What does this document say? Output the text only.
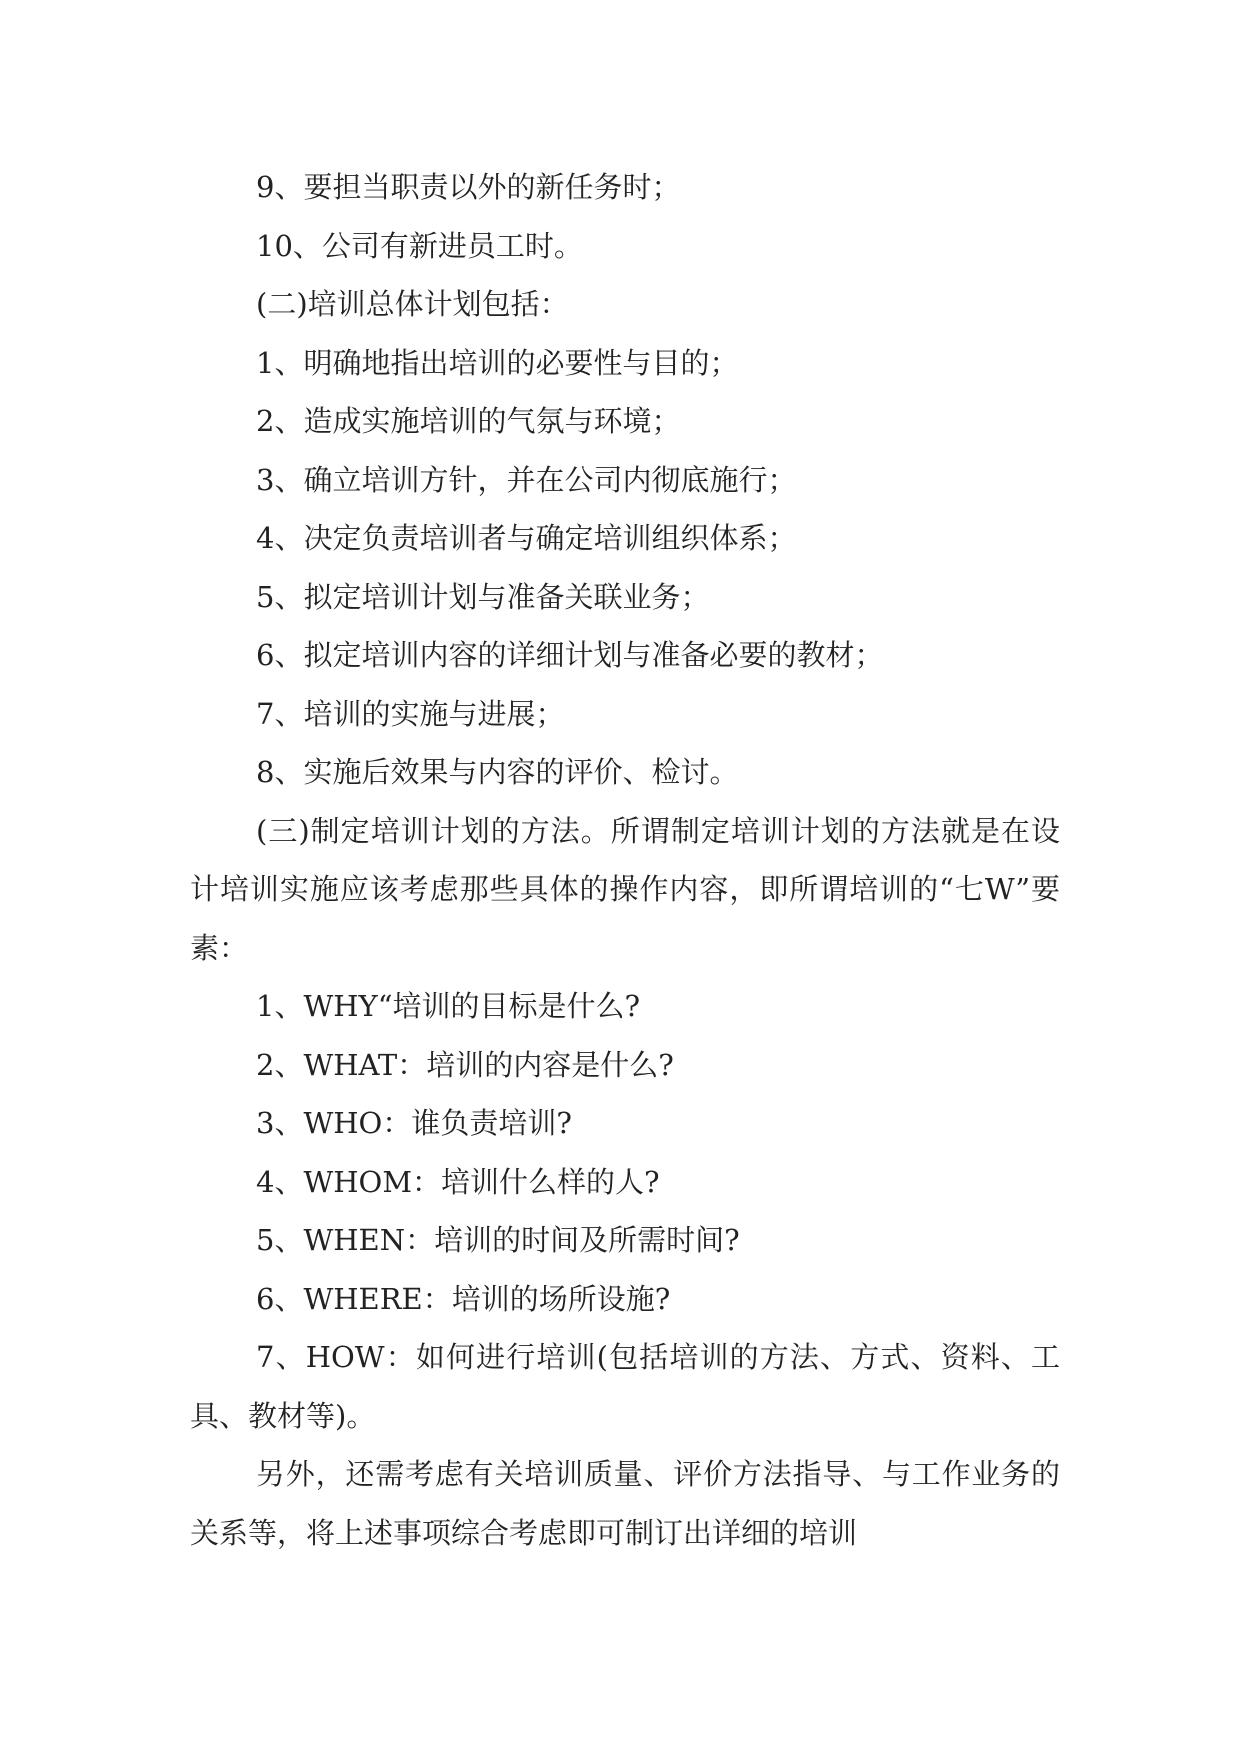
9、要担当职责以外的新任务时；

10、公司有新进员工时。

(二)培训总体计划包括：

1、明确地指出培训的必要性与目的；

2、造成实施培训的气氛与环境；

3、确立培训方针，并在公司内彻底施行；

4、决定负责培训者与确定培训组织体系；

5、拟定培训计划与准备关联业务；

6、拟定培训内容的详细计划与准备必要的教材；

7、培训的实施与进展；

8、实施后效果与内容的评价、检讨。

(三)制定培训计划的方法。所谓制定培训计划的方法就是在设计培训实施应该考虑那些具体的操作内容，即所谓培训的“七W”要素：

1、WHY“培训的目标是什么?

2、WHAT：培训的内容是什么?

3、WHO：谁负责培训?

4、WHOM：培训什么样的人?

5、WHEN：培训的时间及所需时间?

6、WHERE：培训的场所设施?

7、HOW：如何进行培训(包括培训的方法、方式、资料、工具、教材等)。

另外，还需考虑有关培训质量、评价方法指导、与工作业务的关系等，将上述事项综合考虑即可制订出详细的培训
